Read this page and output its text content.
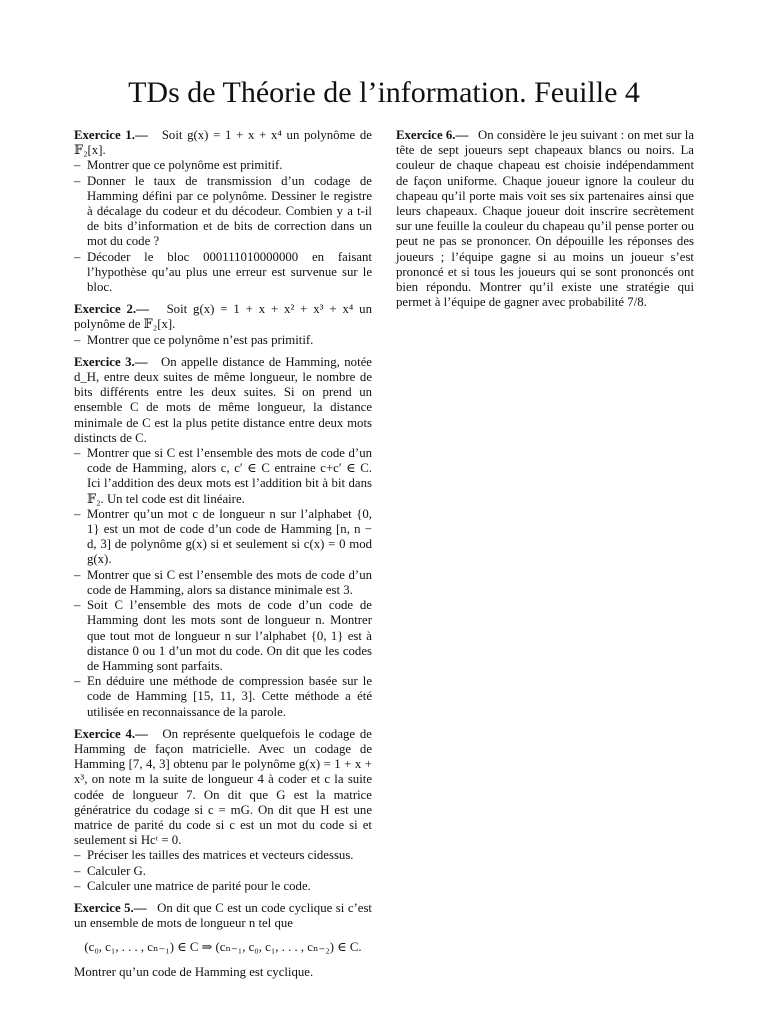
TDs de Théorie de l’information. Feuille 4

Exercice 1.— Soit g(x) = 1 + x + x⁴ un polynôme de 𝔽₂[x].

– Montrer que ce polynôme est primitif.
– Donner le taux de transmission d’un codage de Hamming défini par ce polynôme. Dessiner le registre à décalage du codeur et du décodeur. Combien y a t-il de bits d’information et de bits de correction dans un mot du code ?
– Décoder le bloc 000111010000000 en faisant l’hypothèse qu’au plus une erreur est survenue sur le bloc.

Exercice 2.— Soit g(x) = 1 + x + x² + x³ + x⁴ un polynôme de 𝔽₂[x].

– Montrer que ce polynôme n’est pas primitif.

Exercice 3.— On appelle distance de Hamming, notée d_H, entre deux suites de même longueur, le nombre de bits différents entre les deux suites. Si on prend un ensemble C de mots de même longueur, la distance minimale de C est la plus petite distance entre deux mots distincts de C.

– Montrer que si C est l’ensemble des mots de code d’un code de Hamming, alors c, c′ ∈ C entraine c+c′ ∈ C. Ici l’addition des deux mots est l’addition bit à bit dans 𝔽₂. Un tel code est dit linéaire.
– Montrer qu’un mot c de longueur n sur l’alphabet {0, 1} est un mot de code d’un code de Hamming [n, n − d, 3] de polynôme g(x) si et seulement si c(x) = 0 mod g(x).
– Montrer que si C est l’ensemble des mots de code d’un code de Hamming, alors sa distance minimale est 3.
– Soit C l’ensemble des mots de code d’un code de Hamming dont les mots sont de longueur n. Montrer que tout mot de longueur n sur l’alphabet {0, 1} est à distance 0 ou 1 d’un mot du code. On dit que les codes de Hamming sont parfaits.
– En déduire une méthode de compression basée sur le code de Hamming [15, 11, 3]. Cette méthode a été utilisée en reconnaissance de la parole.

Exercice 4.— On représente quelquefois le codage de Hamming de façon matricielle. Avec un codage de Hamming [7, 4, 3] obtenu par le polynôme g(x) = 1 + x + x³, on note m la suite de longueur 4 à coder et c la suite codée de longueur 7. On dit que G est la matrice génératrice du codage si c = mG. On dit que H est une matrice de parité du code si c est un mot du code si et seulement si Hcᵗ = 0.

– Préciser les tailles des matrices et vecteurs cidessus.
– Calculer G.
– Calculer une matrice de parité pour le code.

Exercice 5.— On dit que C est un code cyclique si c’est un ensemble de mots de longueur n tel que

(c₀, c₁, . . . , cₙ₋₁) ∈ C ⇒ (cₙ₋₁, c₀, c₁, . . . , cₙ₋₂) ∈ C.

Montrer qu’un code de Hamming est cyclique.

Exercice 6.— On considère le jeu suivant : on met sur la tête de sept joueurs sept chapeaux blancs ou noirs. La couleur de chaque chapeau est choisie indépendamment de façon uniforme. Chaque joueur ignore la couleur du chapeau qu’il porte mais voit ses six partenaires ainsi que leurs chapeaux. Chaque joueur doit inscrire secrètement sur une feuille la couleur du chapeau qu’il pense porter ou peut ne pas se prononcer. On dépouille les réponses des joueurs ; l’équipe gagne si au moins un joueur s’est prononcé et si tous les joueurs qui se sont prononcés ont bien répondu. Montrer qu’il existe une stratégie qui permet à l’équipe de gagner avec probabilité 7/8.
